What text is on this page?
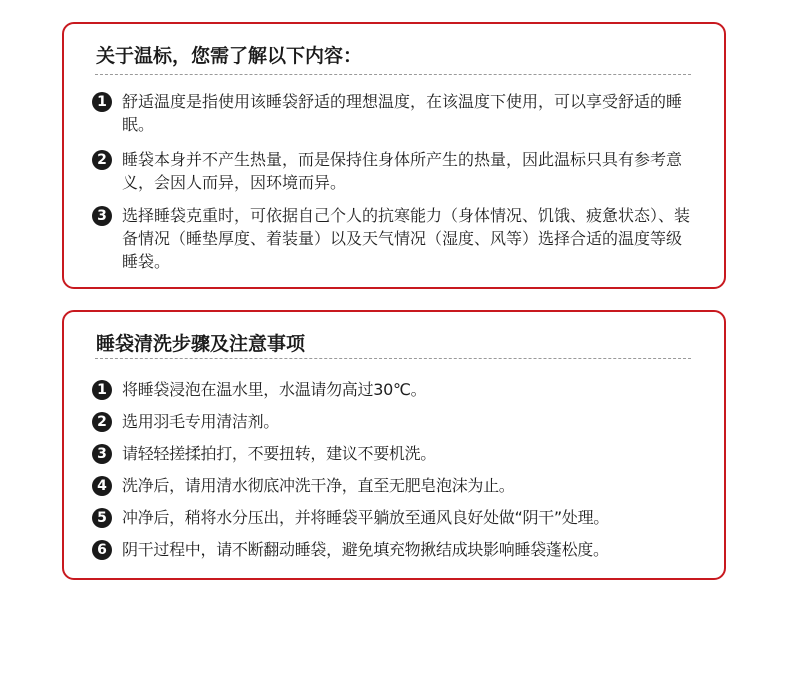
关于温标，您需了解以下内容：
1 舒适温度是指使用该睡袋舒适的理想温度，在该温度下使用，可以享受舒适的睡眠。
2 睡袋本身并不产生热量，而是保持住身体所产生的热量，因此温标只具有参考意义，会因人而异，因环境而异。
3 选择睡袋克重时，可依据自己个人的抗寒能力（身体情况、饥饿、疲惫状态）、装备情况（睡垫厚度、着装量）以及天气情况（湿度、风等）选择合适的温度等级睡袋。
睡袋清洗步骤及注意事项
1 将睡袋浸泡在温水里，水温请勿高过30℃。
2 选用羽毛专用清洁剂。
3 请轻轻搓揉拍打，不要扭转，建议不要机洗。
4 洗净后，请用清水彻底冲洗干净，直至无肥皂泡沫为止。
5 冲净后，稍将水分压出，并将睡袋平躺放至通风良好处做“阴干”处理。
6 阴干过程中，请不断翻动睡袋，避免填充物揪结成块影响睡袋蓬松度。
